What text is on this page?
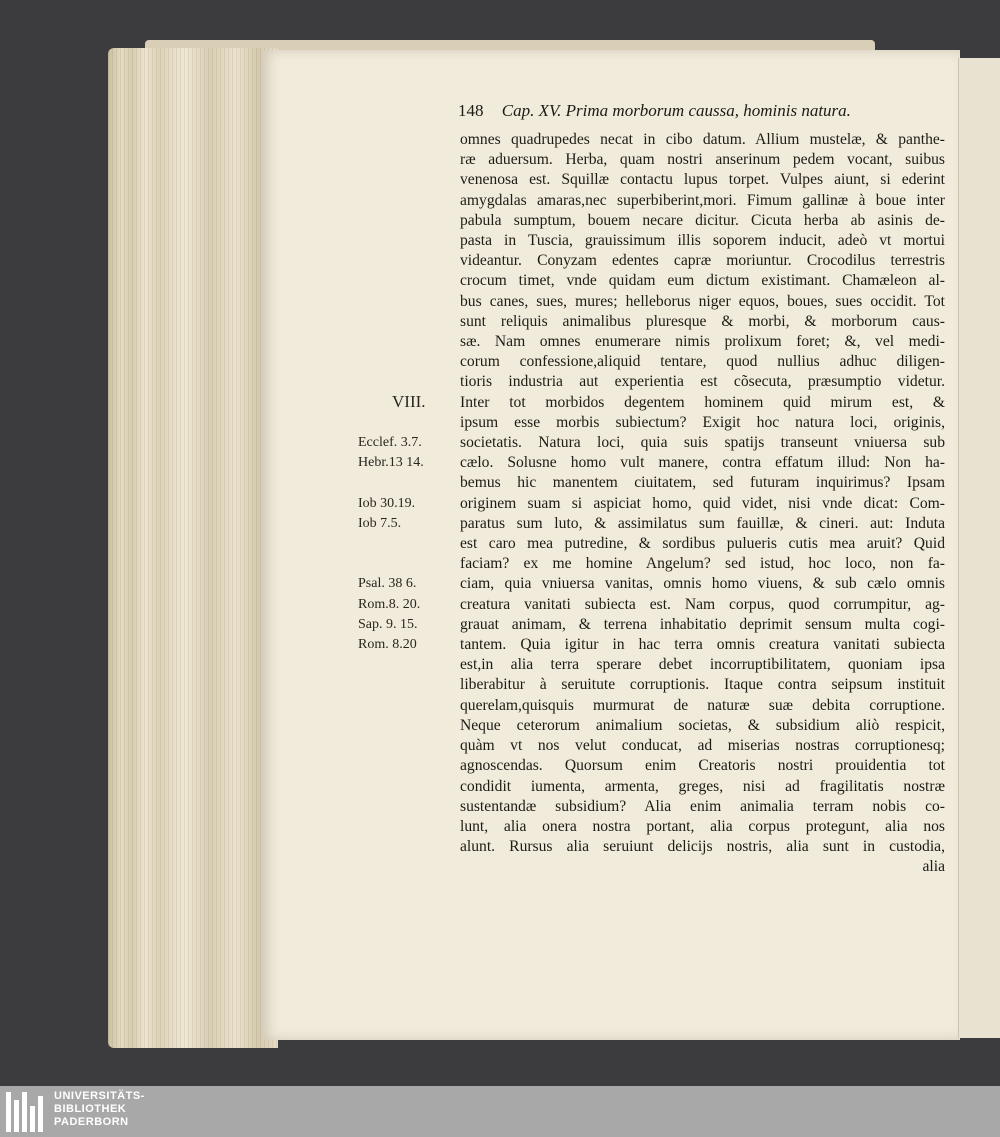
148 Cap. XV. Prima morborum caussa, hominis natura.
omnes quadrupedes necat in cibo datum. Allium mustelæ, & panthe-
ræ aduersum. Herba, quam nostri anserinum pedem vocant, suibus
venenosa est. Squillæ contactu lupus torpet. Vulpes aiunt, si ederint
amygdalas amaras,nec superbiberint,mori. Fimum gallinæ à boue inter
pabula sumptum, bouem necare dicitur. Cicuta herba ab asinis de-
pasta in Tuscia, grauissimum illis soporem inducit, adeò vt mortui
videantur. Conyzam edentes capræ moriuntur. Crocodilus terrestris
crocum timet, vnde quidam eum dictum existimant. Chamæleon al-
bus canes, sues, mures; helleborus niger equos, boues, sues occidit. Tot
sunt reliquis animalibus pluresque & morbi, & morborum caus-
sæ. Nam omnes enumerare nimis prolixum foret; &, vel medi-
corum confessione,aliquid tentare, quod nullius adhuc diligen-
tioris industria aut experientia est cõsecuta, præsumptio videtur.
Inter tot morbidos degentem hominem quid mirum est, &
ipsum esse morbis subiectum? Exigit hoc natura loci, originis,
societatis. Natura loci, quia suis spatijs transeunt vniuersa sub
cælo. Solusne homo vult manere, contra effatum illud: Non ha-
bemus hic manentem ciuitatem, sed futuram inquirimus? Ipsam
originem suam si aspiciat homo, quid videt, nisi vnde dicat: Com-
paratus sum luto, & assimilatus sum fauillæ, & cineri. aut: Induta
est caro mea putredine, & sordibus pulueris cutis mea aruit? Quid
faciam? ex me homine Angelum? sed istud, hoc loco, non fa-
ciam, quia vniuersa vanitas, omnis homo viuens, & sub cælo omnis
creatura vanitati subiecta est. Nam corpus, quod corrumpitur, ag-
grauat animam, & terrena inhabitatio deprimit sensum multa cogi-
tantem. Quia igitur in hac terra omnis creatura vanitati subiecta
est,in alia terra sperare debet incorruptibilitatem, quoniam ipsa
liberabitur à seruitute corruptionis. Itaque contra seipsum instituit
querelam,quisquis murmurat de naturæ suæ debita corruptione.
Neque ceterorum animalium societas, & subsidium aliò respicit,
quàm vt nos velut conducat, ad miserias nostras corruptionesq;
agnoscendas. Quorsum enim Creatoris nostri prouidentia tot
condidit iumenta, armenta, greges, nisi ad fragilitatis nostræ
sustentandæ subsidium? Alia enim animalia terram nobis co-
lunt, alia onera nostra portant, alia corpus protegunt, alia nos
alunt. Rursus alia seruiunt delicijs nostris, alia sunt in custodia,
alia
VIII.
Ecclef. 3.7.
Hebr.13 14.
Iob 30.19.
Iob 7.5.
Psal. 38 6.
Rom.8. 20.
Sap. 9. 15.
Rom. 8.20
UNIVERSITÄTS-
BIBLIOTHEK
PADERBORN
